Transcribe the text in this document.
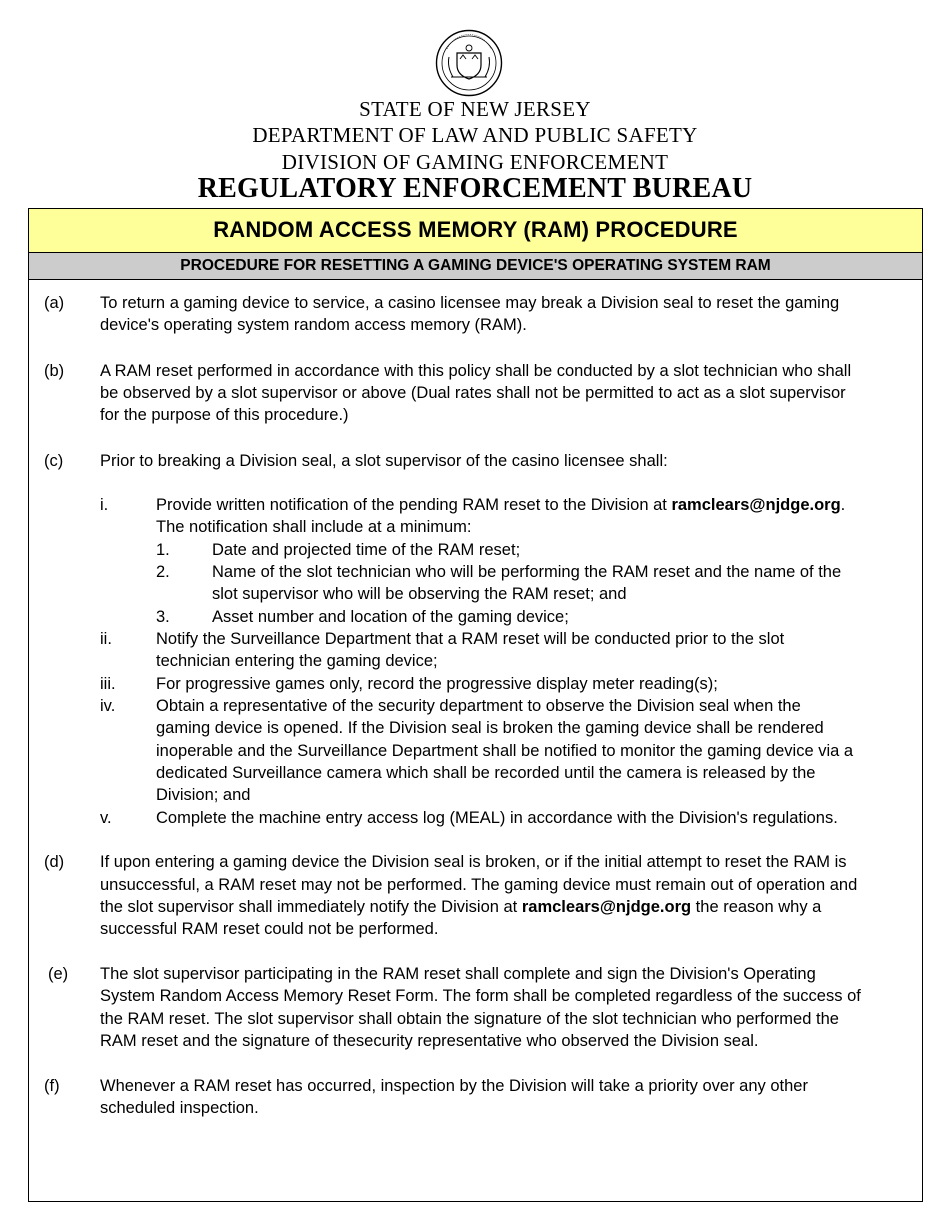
STATE OF NEW JERSEY
DEPARTMENT OF LAW AND PUBLIC SAFETY
DIVISION OF GAMING ENFORCEMENT
REGULATORY ENFORCEMENT BUREAU
RANDOM ACCESS MEMORY (RAM) PROCEDURE
PROCEDURE FOR RESETTING A GAMING DEVICE'S OPERATING SYSTEM RAM
(a) To return a gaming device to service, a casino licensee may break a Division seal to reset the gaming
device's operating system random access memory (RAM).
(b) A RAM reset performed in accordance with this policy shall be conducted by a slot technician who shall
be observed by a slot supervisor or above (Dual rates shall not be permitted to act as a slot supervisor
for the purpose of this procedure.)
(c) Prior to breaking a Division seal, a slot supervisor of the casino licensee shall:
i.	Provide written notification of the pending RAM reset to the Division at ramclears@njdge.org.
The notification shall include at a minimum:
1.	Date and projected time of the RAM reset;
2.	Name of the slot technician who will be performing the RAM reset and the name of the
slot supervisor who will be observing the RAM reset; and
3.	Asset number and location of the gaming device;
ii.	Notify the Surveillance Department that a RAM reset will be conducted prior to the slot
technician entering the gaming device;
iii. For progressive games only, record the progressive display meter reading(s);
iv. Obtain a representative of the security department to observe the Division seal when the
gaming device is opened. If the Division seal is broken the gaming device shall be rendered
inoperable and the Surveillance Department shall be notified to monitor the gaming device via a
dedicated Surveillance camera which shall be recorded until the camera is released by the
Division; and
v.	Complete the machine entry access log (MEAL) in accordance with the Division's regulations.
(d) If upon entering a gaming device the Division seal is broken, or if the initial attempt to reset the RAM is
unsuccessful, a RAM reset may not be performed. The gaming device must remain out of operation and
the slot supervisor shall immediately notify the Division at ramclears@njdge.org the reason why a
successful RAM reset could not be performed.
(e) The slot supervisor participating in the RAM reset shall complete and sign the Division's Operating
System Random Access Memory Reset Form. The form shall be completed regardless of the success of
the RAM reset. The slot supervisor shall obtain the signature of the slot technician who performed the
RAM reset and the signature of thesecurity representative who observed the Division seal.
(f) Whenever a RAM reset has occurred, inspection by the Division will take a priority over any other
scheduled inspection.
